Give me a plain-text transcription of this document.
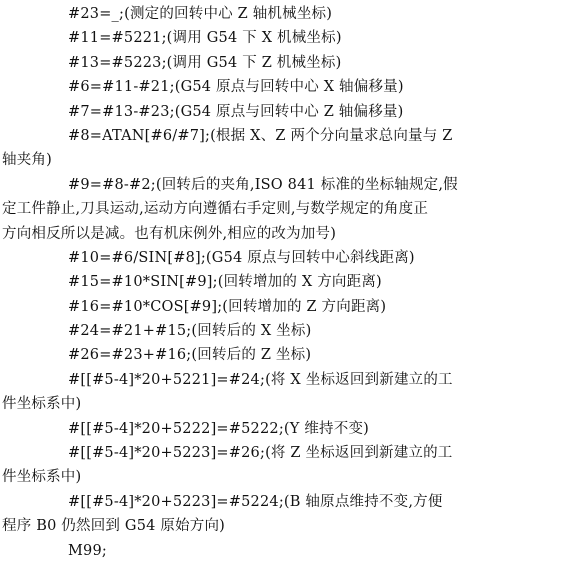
#23=_;(测定的回转中心 Z 轴机械坐标)
#11=#5221;(调用 G54 下 X 机械坐标)
#13=#5223;(调用 G54 下 Z 机械坐标)
#6=#11-#21;(G54 原点与回转中心 X 轴偏移量)
#7=#13-#23;(G54 原点与回转中心 Z 轴偏移量)
#8=ATAN[#6/#7];(根据 X、Z 两个分向量求总向量与 Z
轴夹角)
#9=#8-#2;(回转后的夹角,ISO 841 标准的坐标轴规定,假
定工件静止,刀具运动,运动方向遵循右手定则,与数学规定的角度正
方向相反所以是减。也有机床例外,相应的改为加号)
#10=#6/SIN[#8];(G54 原点与回转中心斜线距离)
#15=#10*SIN[#9];(回转增加的 X 方向距离)
#16=#10*COS[#9];(回转增加的 Z 方向距离)
#24=#21+#15;(回转后的 X 坐标)
#26=#23+#16;(回转后的 Z 坐标)
#[[#5-4]*20+5221]=#24;(将 X 坐标返回到新建立的工
件坐标系中)
#[[#5-4]*20+5222]=#5222;(Y 维持不变)
#[[#5-4]*20+5223]=#26;(将 Z 坐标返回到新建立的工
件坐标系中)
#[[#5-4]*20+5223]=#5224;(B 轴原点维持不变,方便
程序 B0 仍然回到 G54 原始方向)
M99;
